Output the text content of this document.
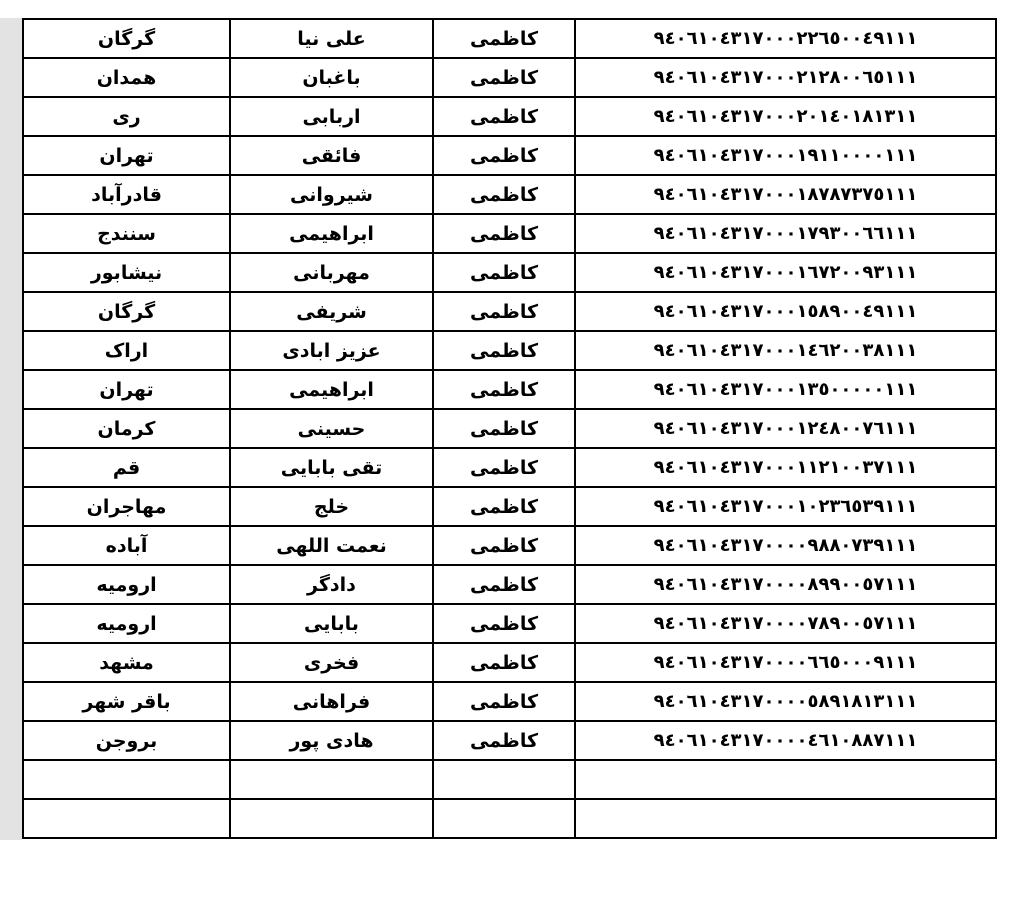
گرگان	علی نیا	کاظمی	۹٤۰٦۱۰٤۳۱۷۰۰۰۲۲٦٥۰۰٤۹۱۱۱
همدان	باغبان	کاظمی	۹٤۰٦۱۰٤۳۱۷۰۰۰۲۱۲۸۰۰٦٥۱۱۱
ری	اربابی	کاظمی	۹٤۰٦۱۰٤۳۱۷۰۰۰۲۰۱٤۰۱۸۱۳۱۱
تهران	فائقی	کاظمی	۹٤۰٦۱۰٤۳۱۷۰۰۰۱۹۱۱۰۰۰۰۱۱۱
قادرآباد	شیروانی	کاظمی	۹٤۰٦۱۰٤۳۱۷۰۰۰۱۸۷۸۷۳۷٥۱۱۱
سنندج	ابراهیمی	کاظمی	۹٤۰٦۱۰٤۳۱۷۰۰۰۱۷۹۳۰۰٦٦۱۱۱
نیشابور	مهربانی	کاظمی	۹٤۰٦۱۰٤۳۱۷۰۰۰۱٦۷۲۰۰۹۳۱۱۱
گرگان	شریفی	کاظمی	۹٤۰٦۱۰٤۳۱۷۰۰۰۱٥۸۹۰۰٤۹۱۱۱
اراک	عزیز ابادی	کاظمی	۹٤۰٦۱۰٤۳۱۷۰۰۰۱٤٦۲۰۰۳۸۱۱۱
تهران	ابراهیمی	کاظمی	۹٤۰٦۱۰٤۳۱۷۰۰۰۱۳٥۰۰۰۰۰۱۱۱
کرمان	حسینی	کاظمی	۹٤۰٦۱۰٤۳۱۷۰۰۰۱۲٤۸۰۰۷٦۱۱۱
قم	تقی بابایی	کاظمی	۹٤۰٦۱۰٤۳۱۷۰۰۰۱۱۲۱۰۰۳۷۱۱۱
مهاجران	خلج	کاظمی	۹٤۰٦۱۰٤۳۱۷۰۰۰۱۰۲۳٦٥۳۹۱۱۱
آباده	نعمت اللهی	کاظمی	۹٤۰٦۱۰٤۳۱۷۰۰۰۰۹۸۸۰۷۳۹۱۱۱
ارومیه	دادگر	کاظمی	۹٤۰٦۱۰٤۳۱۷۰۰۰۰۸۹۹۰۰٥۷۱۱۱
ارومیه	بابایی	کاظمی	۹٤۰٦۱۰٤۳۱۷۰۰۰۰۷۸۹۰۰٥۷۱۱۱
مشهد	فخری	کاظمی	۹٤۰٦۱۰٤۳۱۷۰۰۰۰٦٦٥۰۰۰۹۱۱۱
باقر شهر	فراهانی	کاظمی	۹٤۰٦۱۰٤۳۱۷۰۰۰۰٥۸۹۱۸۱۳۱۱۱
بروجن	هادی پور	کاظمی	۹٤۰٦۱۰٤۳۱۷۰۰۰۰٤٦۱۰۸۸۷۱۱۱
